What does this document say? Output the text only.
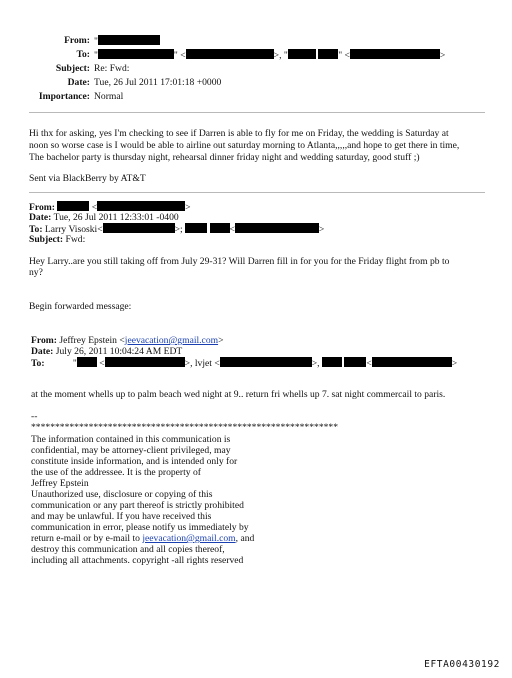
From: "
To: "	" <	>, "	" <	>
Subject: Re: Fwd:
Date: Tue, 26 Jul 2011 17:01:18 +0000
Importance: Normal
Hi thx for asking, yes I'm checking to see if Darren is able to fly for me on Friday, the wedding is Saturday at
noon so worse case is I would be able to airline out saturday morning to Atlanta,,,,,and hope to get there in time,
The bachelor party is thursday night, rehearsal dinner friday night and wedding saturday, good stuff ;)
Sent via BlackBerry by AT&T
From:	<	>
Date: Tue, 26 Jul 2011 12:33:01 -0400
To: Larry Visoski<	>;	<	>
Subject: Fwd:
Hey Larry..are you still taking off from July 29-31? Will Darren fill in for you for the Friday flight from pb to
ny?
Begin forwarded message:
From: Jeffrey Epstein <jeevacation@gmail.com>
Date: July 26, 2011 10:04:24 AM EDT
To:	" <	>, lvjet <	>,	<	>
at the moment whells up to palm beach wed night at 9.. return fri whells up 7. sat night commercail to paris.
--
****************************************************************
The information contained in this communication is
confidential, may be attorney-client privileged, may
constitute inside information, and is intended only for
the use of the addressee. It is the property of
Jeffrey Epstein
Unauthorized use, disclosure or copying of this
communication or any part thereof is strictly prohibited
and may be unlawful. If you have received this
communication in error, please notify us immediately by
return e-mail or by e-mail to jeevacation@gmail.com, and
destroy this communication and all copies thereof,
including all attachments. copyright -all rights reserved
EFTA00430192
